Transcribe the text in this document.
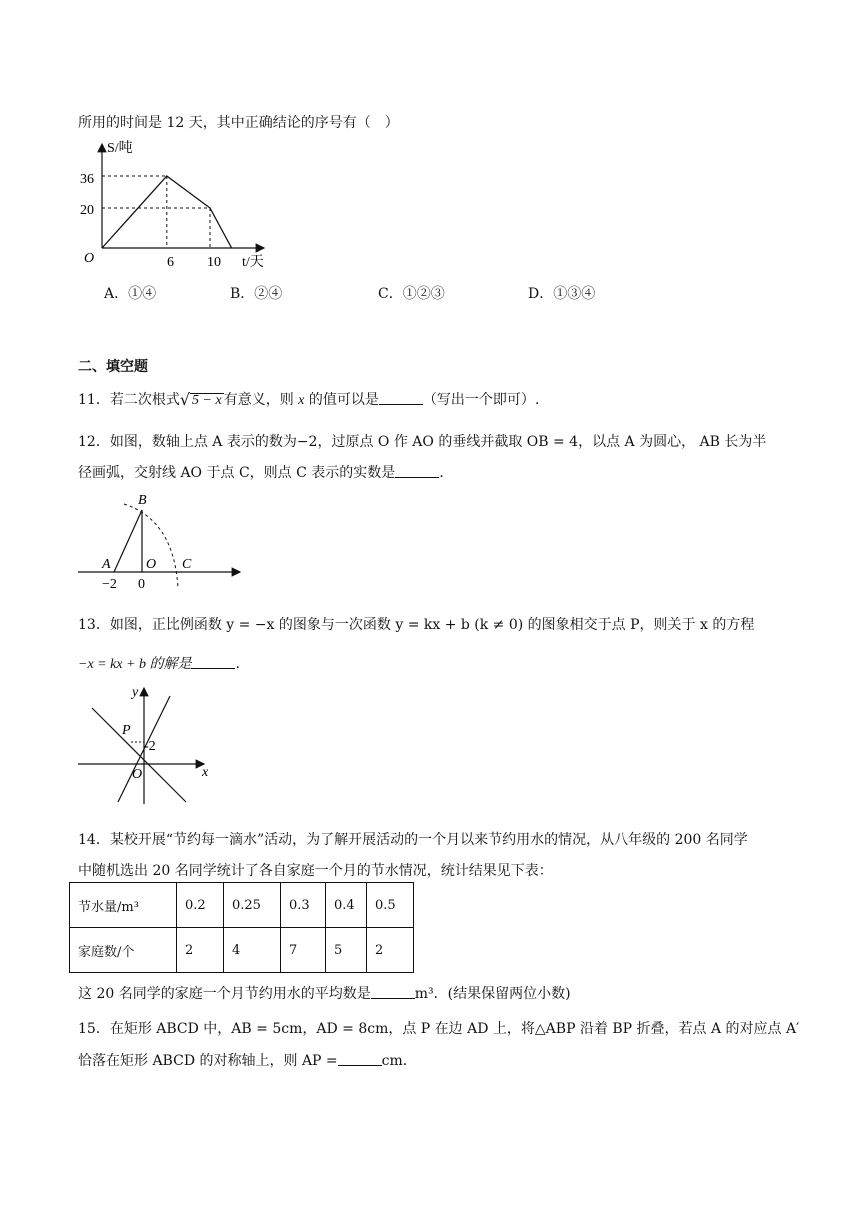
所用的时间是 12 天，其中正确结论的序号有（　）
S/吨
t/天
O
36
20
6 10
A．①④	B．②④	C．①②③	D．①③④
二、填空题
11．若二次根式√ 5 − x 有意义，则 x 的值可以是	（写出一个即可）.
12．如图，数轴上点 A 表示的数为−2，过原点 O 作 AO 的垂线并截取 OB = 4，以点 A 为圆心， AB 长为半
径画弧，交射线 AO 于点 C，则点 C 表示的实数是	.
B
A	O C
−2 0
13．如图，正比例函数 y = −x 的图象与一次函数 y = kx + b (k ≠ 0) 的图象相交于点 P，则关于 x 的方程
−x = kx + b 的解是	.
y
x
P
O
-2
14．某校开展“节约每一滴水”活动，为了解开展活动的一个月以来节约用水的情况，从八年级的 200 名同学
中随机选出 20 名同学统计了各自家庭一个月的节水情况，统计结果见下表：
节水量/m³	0.2	0.25	0.3	0.4	0.5
家庭数/个	2	4	7	5	2
这 20 名同学的家庭一个月节约用水的平均数是	m³．(结果保留两位小数)
15．在矩形 ABCD 中，AB = 5cm，AD = 8cm，点 P 在边 AD 上，将△ABP 沿着 BP 折叠，若点 A 的对应点 A′
恰落在矩形 ABCD 的对称轴上，则 AP =	cm．
